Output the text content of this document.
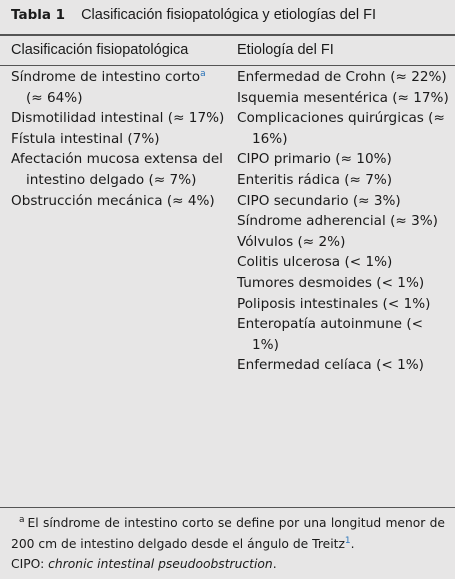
Tabla 1 Clasificación fisiopatológica y etiologías del FI
Clasificación fisiopatológica	Etiología del FI
Síndrome de intestino corto$^a$ (≈ 64%)
Dismotilidad intestinal (≈ 17%)
Fístula intestinal (7%)
Afectación mucosa extensa del intestino delgado (≈ 7%)
Obstrucción mecánica (≈ 4%)
Enfermedad de Crohn (≈ 22%)
Isquemia mesentérica (≈ 17%)
Complicaciones quirúrgicas (≈ 16%)
CIPO primario (≈ 10%)
Enteritis rádica (≈ 7%)
CIPO secundario (≈ 3%)
Síndrome adherencial (≈ 3%)
Vólvulos (≈ 2%)
Colitis ulcerosa (< 1%)
Tumores desmoides (< 1%)
Poliposis intestinales (< 1%)
Enteropatía autoinmune (< 1%)
Enfermedad celíaca (< 1%)

$^a$ El síndrome de intestino corto se define por una longitud menor de 200 cm de intestino delgado desde el ángulo de Treitz$^1$.

CIPO: chronic intestinal pseudoobstruction.
